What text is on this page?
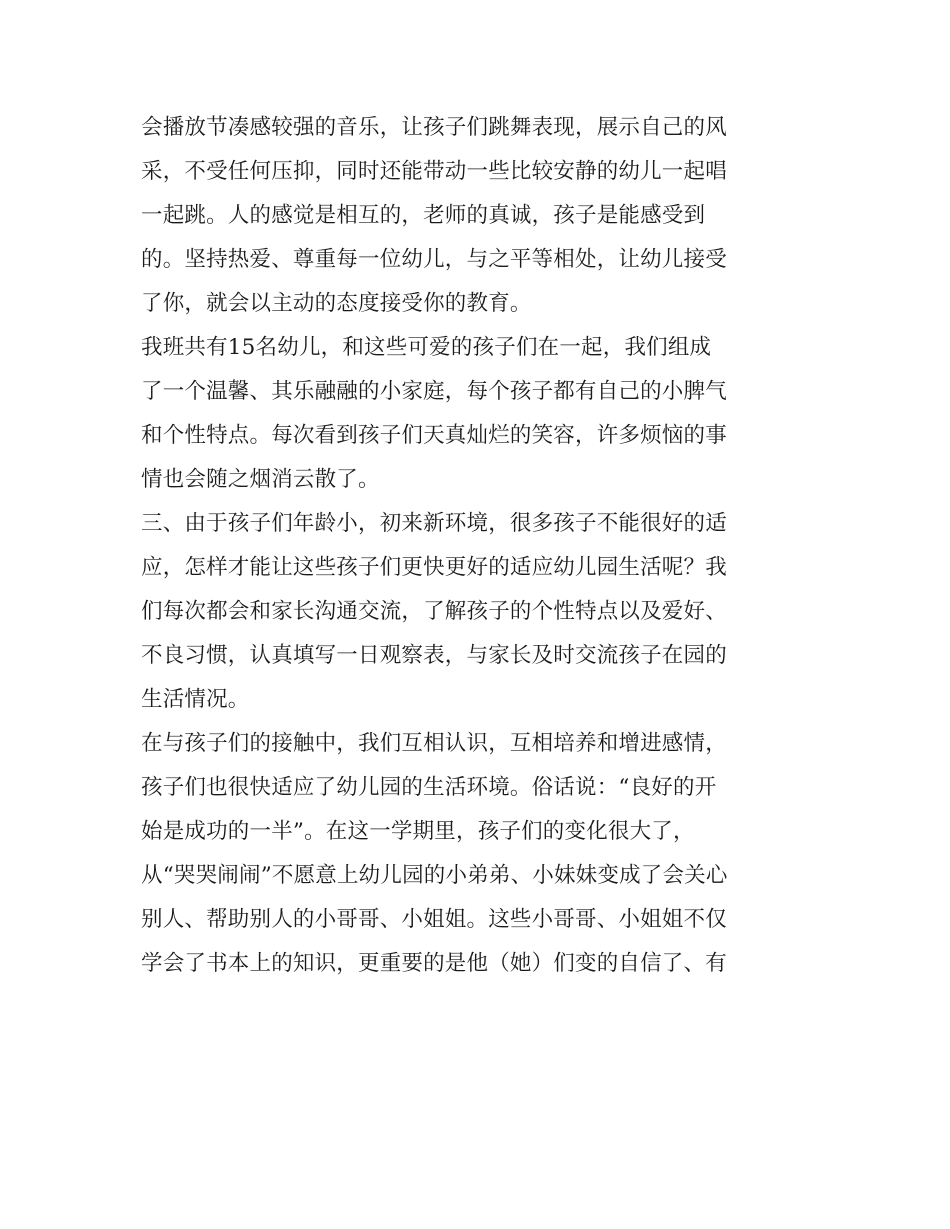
会播放节凑感较强的音乐，让孩子们跳舞表现，展示自己的风
采，不受任何压抑，同时还能带动一些比较安静的幼儿一起唱
一起跳。人的感觉是相互的，老师的真诚，孩子是能感受到
的。坚持热爱、尊重每一位幼儿，与之平等相处，让幼儿接受
了你，就会以主动的态度接受你的教育。
我班共有15名幼儿，和这些可爱的孩子们在一起，我们组成
了一个温馨、其乐融融的小家庭，每个孩子都有自己的小脾气
和个性特点。每次看到孩子们天真灿烂的笑容，许多烦恼的事
情也会随之烟消云散了。
三、由于孩子们年龄小，初来新环境，很多孩子不能很好的适
应，怎样才能让这些孩子们更快更好的适应幼儿园生活呢？我
们每次都会和家长沟通交流，了解孩子的个性特点以及爱好、
不良习惯，认真填写一日观察表，与家长及时交流孩子在园的
生活情况。
在与孩子们的接触中，我们互相认识，互相培养和增进感情，
孩子们也很快适应了幼儿园的生活环境。俗话说：“良好的开
始是成功的一半”。在这一学期里，孩子们的变化很大了，
从“哭哭闹闹”不愿意上幼儿园的小弟弟、小妹妹变成了会关心
别人、帮助别人的小哥哥、小姐姐。这些小哥哥、小姐姐不仅
学会了书本上的知识，更重要的是他（她）们变的自信了、有
